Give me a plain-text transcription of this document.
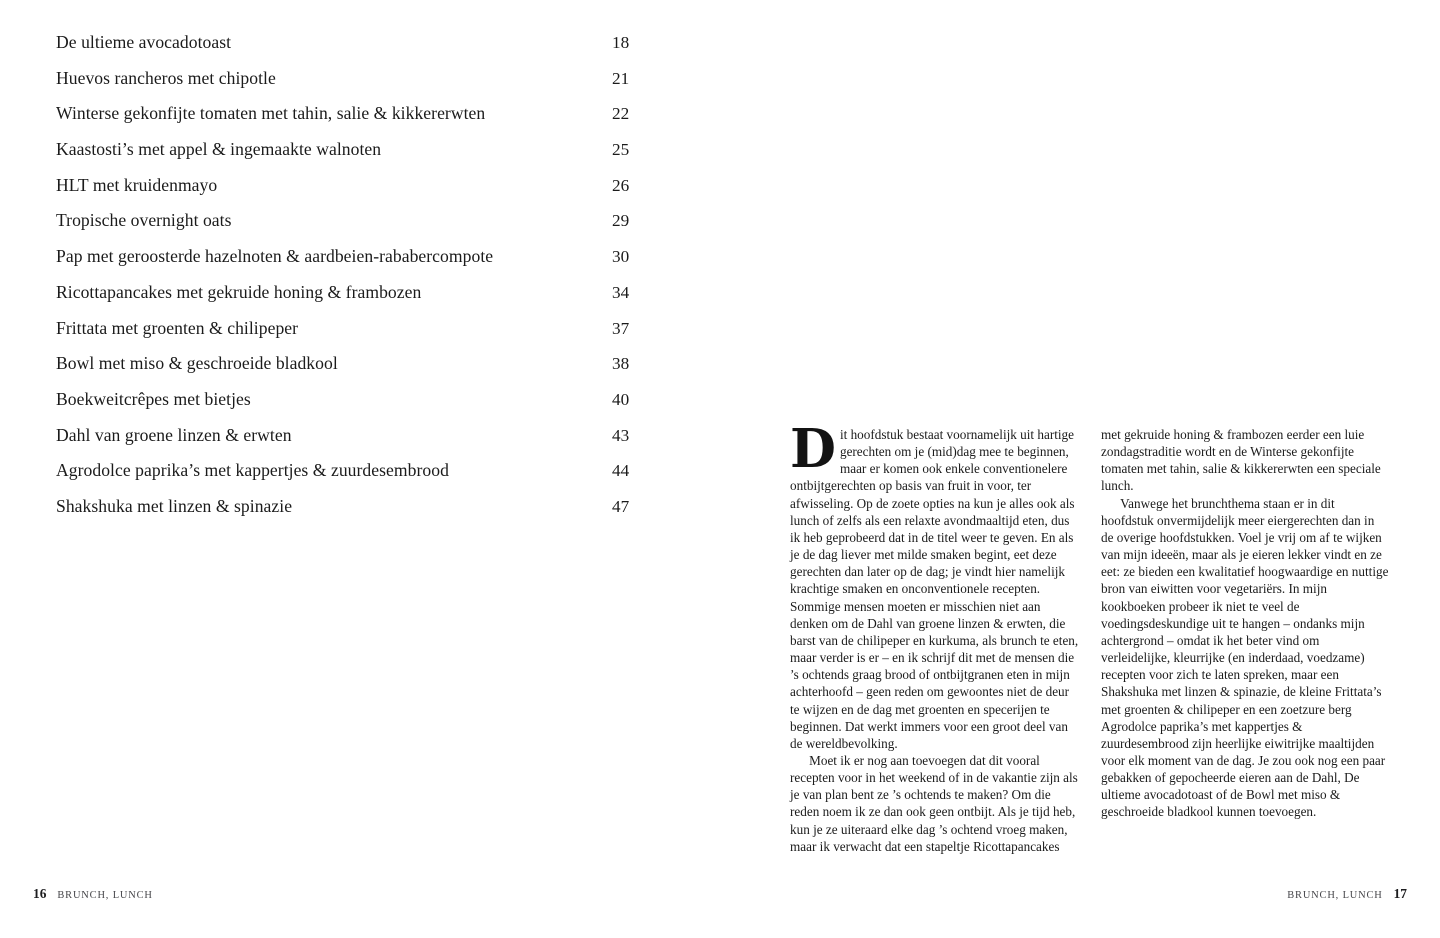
De ultieme avocadotoast	18
Huevos rancheros met chipotle	21
Winterse gekonfijte tomaten met tahin, salie & kikkererwten	22
Kaastosti’s met appel & ingemaakte walnoten	25
HLT met kruidenmayo	26
Tropische overnight oats	29
Pap met geroosterde hazelnoten & aardbeien-rababercompote	30
Ricottapancakes met gekruide honing & frambozen	34
Frittata met groenten & chilipeper	37
Bowl met miso & geschroeide bladkool	38
Boekweitcrêpes met bietjes	40
Dahl van groene linzen & erwten	43
Agrodolce paprika’s met kappertjes & zuurdesembrood	44
Shakshuka met linzen & spinazie	47
16 BRUNCH, LUNCH

Dit hoofdstuk bestaat voornamelijk uit hartige gerechten om je (mid)dag mee te beginnen, maar er komen ook enkele conventionelere ontbijtgerechten op basis van fruit in voor, ter afwisseling. Op de zoete opties na kun je alles ook als lunch of zelfs als een relaxte avondmaaltijd eten, dus ik heb geprobeerd dat in de titel weer te geven. En als je de dag liever met milde smaken begint, eet deze gerechten dan later op de dag; je vindt hier namelijk krachtige smaken en onconventionele recepten. Sommige mensen moeten er misschien niet aan denken om de Dahl van groene linzen & erwten, die barst van de chilipeper en kurkuma, als brunch te eten, maar verder is er – en ik schrijf dit met de mensen die ’s ochtends graag brood of ontbijtgranen eten in mijn achterhoofd – geen reden om gewoontes niet de deur te wijzen en de dag met groenten en specerijen te beginnen. Dat werkt immers voor een groot deel van de wereldbevolking.

Moet ik er nog aan toevoegen dat dit vooral recepten voor in het weekend of in de vakantie zijn als je van plan bent ze ’s ochtends te maken? Om die reden noem ik ze dan ook geen ontbijt. Als je tijd heb, kun je ze uiteraard elke dag ’s ochtend vroeg maken, maar ik verwacht dat een stapeltje Ricottapancakes met gekruide honing & frambozen eerder een luie zondagstraditie wordt en de Winterse gekonfijte tomaten met tahin, salie & kikkererwten een speciale lunch.

Vanwege het brunchthema staan er in dit hoofdstuk onvermijdelijk meer eiergerechten dan in de overige hoofdstukken. Voel je vrij om af te wijken van mijn ideeën, maar als je eieren lekker vindt en ze eet: ze bieden een kwalitatief hoogwaardige en nuttige bron van eiwitten voor vegetariërs. In mijn kookboeken probeer ik niet te veel de voedingsdeskundige uit te hangen – ondanks mijn achtergrond – omdat ik het beter vind om verleidelijke, kleurrijke (en inderdaad, voedzame) recepten voor zich te laten spreken, maar een Shakshuka met linzen & spinazie, de kleine Frittata’s met groenten & chilipeper en een zoetzure berg Agrodolce paprika’s met kappertjes & zuurdesembrood zijn heerlijke eiwitrijke maaltijden voor elk moment van de dag. Je zou ook nog een paar gebakken of gepocheerde eieren aan de Dahl, De ultieme avocadotoast of de Bowl met miso & geschroeide bladkool kunnen toevoegen.

BRUNCH, LUNCH 17
